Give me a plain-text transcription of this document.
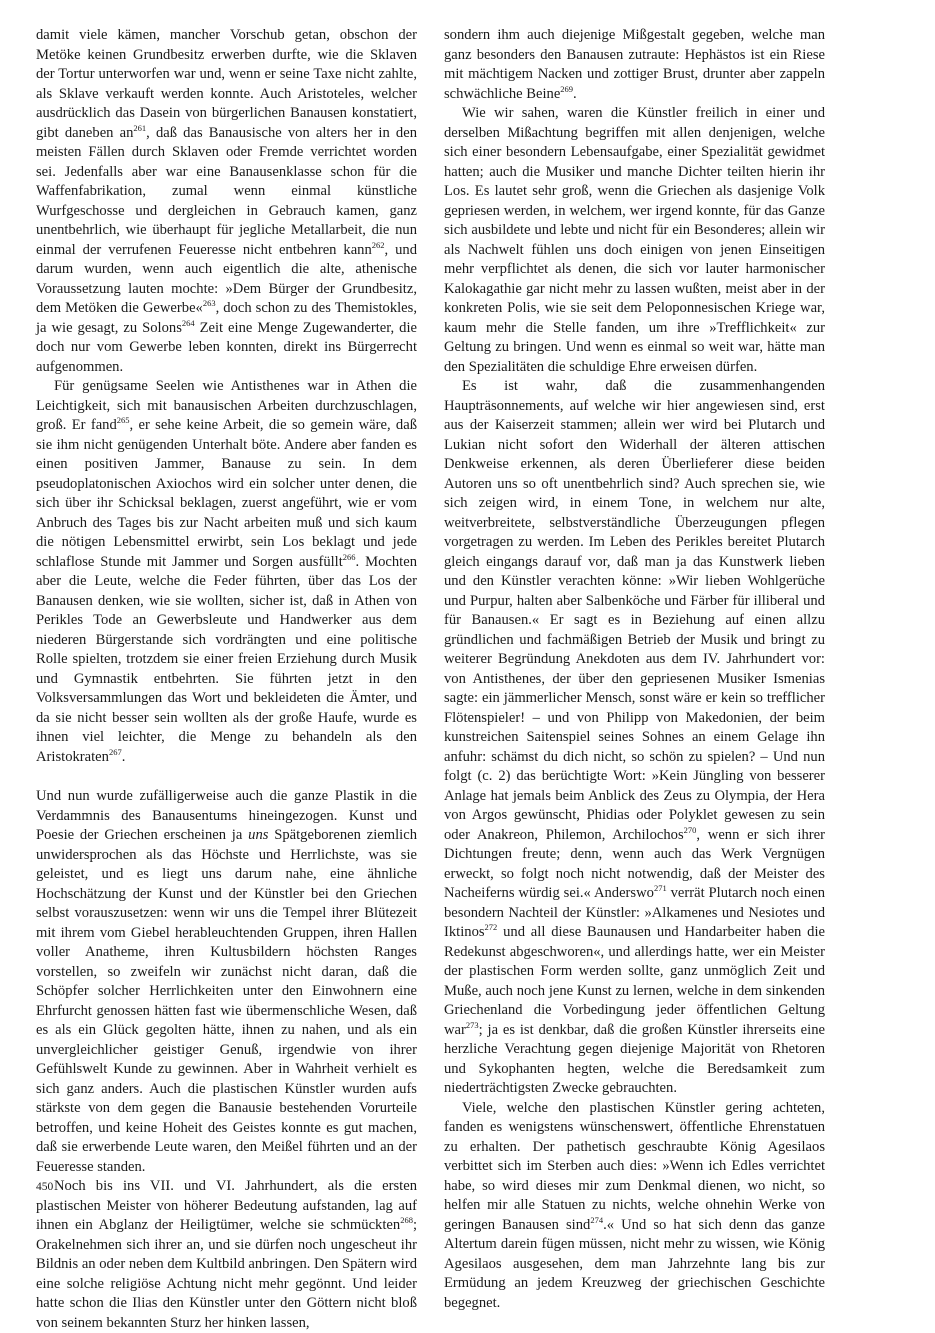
damit viele kämen, mancher Vorschub getan, obschon der Metöke keinen Grundbesitz erwerben durfte, wie die Sklaven der Tortur unterworfen war und, wenn er seine Taxe nicht zahlte, als Sklave verkauft werden konnte. Auch Aristoteles, welcher ausdrücklich das Dasein von bürgerlichen Banausen konstatiert, gibt daneben $an^{261}$, daß das Banausische von alters her in den meisten Fällen durch Sklaven oder Fremde verrichtet worden sei. Jedenfalls aber war eine Banausenklasse schon für die Waffenfabrikation, zumal wenn einmal künstliche Wurfgeschosse und dergleichen in Gebrauch kamen, ganz unentbehrlich, wie überhaupt für jegliche Metallarbeit, die nun einmal der verrufenen Feueresse nicht entbehren kann$^{262}$, und darum wurden, wenn auch eigentlich die alte, athenische Voraussetzung lauten mochte: »Dem Bürger der Grundbesitz, dem Metöken die Gewerbe«$^{263}$, doch schon zu des Themistokles, ja wie gesagt, zu Solons$^{264}$ Zeit eine Menge Zugewanderter, die doch nur vom Gewerbe leben konnten, direkt ins Bürgerrecht aufgenommen.

Für genügsame Seelen wie Antisthenes war in Athen die Leichtigkeit, sich mit banausischen Arbeiten durchzuschlagen, groß. Er fand$^{265}$, er sehe keine Arbeit, die so gemein wäre, daß sie ihm nicht genügenden Unterhalt böte. Andere aber fanden es einen positiven Jammer, Banause zu sein. In dem pseudoplatonischen Axiochos wird ein solcher unter denen, die sich über ihr Schicksal beklagen, zuerst angeführt, wie er vom Anbruch des Tages bis zur Nacht arbeiten muß und sich kaum die nötigen Lebensmittel erwirbt, sein Los beklagt und jede schlaflose Stunde mit Jammer und Sorgen ausfüllt$^{266}$. Mochten aber die Leute, welche die Feder führten, über das Los der Banausen denken, wie sie wollten, sicher ist, daß in Athen von Perikles Tode an Gewerbsleute und Handwerker aus dem niederen Bürgerstande sich vordrängten und eine politische Rolle spielten, trotzdem sie einer freien Erziehung durch Musik und Gymnastik entbehrten. Sie führten jetzt in den Volksversammlungen das Wort und bekleideten die Ämter, und da sie nicht besser sein wollten als der große Haufe, wurde es ihnen viel leichter, die Menge zu behandeln als den Aristokraten$^{267}$.

Und nun wurde zufälligerweise auch die ganze Plastik in die Verdammnis des Banausentums hineingezogen. Kunst und Poesie der Griechen erscheinen ja uns Spätgeborenen ziemlich unwidersprochen als das Höchste und Herrlichste, was sie geleistet, und es liegt uns darum nahe, eine ähnliche Hochschätzung der Kunst und der Künstler bei den Griechen selbst vorauszusetzen: wenn wir uns die Tempel ihrer Blütezeit mit ihrem vom Giebel herableuchtenden Gruppen, ihren Hallen voller Anatheme, ihren Kultusbildern höchsten Ranges vorstellen, so zweifeln wir zunächst nicht daran, daß die Schöpfer solcher Herrlichkeiten unter den Einwohnern eine Ehrfurcht genossen hätten fast wie übermenschliche Wesen, daß es als ein Glück gegolten hätte, ihnen zu nahen, und als ein unvergleichlicher geistiger Genuß, irgendwie von ihrer Gefühlswelt Kunde zu gewinnen. Aber in Wahrheit verhielt es sich ganz anders. Auch die plastischen Künstler wurden aufs stärkste von dem gegen die Banausie bestehenden Vorurteile betroffen, und keine Hoheit des Geistes konnte es gut machen, daß sie erwerbende Leute waren, den Meißel führten und an der Feueresse standen.

Noch bis ins VII. und VI. Jahrhundert, als die ersten plastischen Meister von höherer Bedeutung aufstanden, lag auf ihnen ein Abglanz der Heiligtümer, welche sie schmückten$^{268}$; Orakelnehmen sich ihrer an, und sie dürfen noch ungescheut ihr Bildnis an oder neben dem Kultbild anbringen. Den Spätern wird eine solche religiöse Achtung nicht mehr gegönnt. Und leider hatte schon die Ilias den Künstler unter den Göttern nicht bloß von seinem bekannten Sturz her hinken lassen,

sondern ihm auch diejenige Mißgestalt gegeben, welche man ganz besonders den Banausen zutraute: Hephästos ist ein Riese mit mächtigem Nacken und zottiger Brust, drunter aber zappeln schwächliche Beine$^{269}$.

Wie wir sahen, waren die Künstler freilich in einer und derselben Mißachtung begriffen mit allen denjenigen, welche sich einer besondern Lebensaufgabe, einer Spezialität gewidmet hatten; auch die Musiker und manche Dichter teilten hierin ihr Los. Es lautet sehr groß, wenn die Griechen als dasjenige Volk gepriesen werden, in welchem, wer irgend konnte, für das Ganze sich ausbildete und lebte und nicht für ein Besonderes; allein wir als Nachwelt fühlen uns doch einigen von jenen Einseitigen mehr verpflichtet als denen, die sich vor lauter harmonischer Kalokagathie gar nicht mehr zu lassen wußten, meist aber in der konkreten Polis, wie sie seit dem Peloponnesischen Kriege war, kaum mehr die Stelle fanden, um ihre »Trefflichkeit« zur Geltung zu bringen. Und wenn es einmal so weit war, hätte man den Spezialitäten die schuldige Ehre erweisen dürfen.

Es ist wahr, daß die zusammenhangenden Haupträsonnements, auf welche wir hier angewiesen sind, erst aus der Kaiserzeit stammen; allein wer wird bei Plutarch und Lukian nicht sofort den Widerhall der älteren attischen Denkweise erkennen, als deren Überlieferer diese beiden Autoren uns so oft unentbehrlich sind? Auch sprechen sie, wie sich zeigen wird, in einem Tone, in welchem nur alte, weitverbreitete, selbstverständliche Überzeugungen pflegen vorgetragen zu werden. Im Leben des Perikles bereitet Plutarch gleich eingangs darauf vor, daß man ja das Kunstwerk lieben und den Künstler verachten könne: »Wir lieben Wohlgerüche und Purpur, halten aber Salbenköche und Färber für illiberal und für Banausen.« Er sagt es in Beziehung auf einen allzu gründlichen und fachmäßigen Betrieb der Musik und bringt zu weiterer Begründung Anekdoten aus dem IV. Jahrhundert vor: von Antisthenes, der über den gepriesenen Musiker Ismenias sagte: ein jämmerlicher Mensch, sonst wäre er kein so trefflicher Flötenspieler! – und von Philipp von Makedonien, der beim kunstreichen Saitenspiel seines Sohnes an einem Gelage ihn anfuhr: schämst du dich nicht, so schön zu spielen? – Und nun folgt (c. 2) das berüchtigte Wort: »Kein Jüngling von besserer Anlage hat jemals beim Anblick des Zeus zu Olympia, der Hera von Argos gewünscht, Phidias oder Polyklet gewesen zu sein oder Anakreon, Philemon, Archilochos$^{270}$, wenn er sich ihrer Dichtungen freute; denn, wenn auch das Werk Vergnügen erweckt, so folgt noch nicht notwendig, daß der Meister des Nacheiferns würdig sei.« Anderswo$^{271}$ verrät Plutarch noch einen besondern Nachteil der Künstler: »Alkamenes und Nesiotes und Iktinos$^{272}$ und all diese Baunausen und Handarbeiter haben die Redekunst abgeschworen«, und allerdings hatte, wer ein Meister der plastischen Form werden sollte, ganz unmöglich Zeit und Muße, auch noch jene Kunst zu lernen, welche in dem sinkenden Griechenland die Vorbedingung jeder öffentlichen Geltung war$^{273}$; ja es ist denkbar, daß die großen Künstler ihrerseits eine herzliche Verachtung gegen diejenige Majorität von Rhetoren und Sykophanten hegten, welche die Beredsamkeit zum niederträchtigsten Zwecke gebrauchten.

Viele, welche den plastischen Künstler gering achteten, fanden es wenigstens wünschenswert, öffentliche Ehrenstatuen zu erhalten. Der pathetisch geschraubte König Agesilaos verbittet sich im Sterben auch dies: »Wenn ich Edles verrichtet habe, so wird dieses mir zum Denkmal dienen, wo nicht, so helfen mir alle Statuen zu nichts, welche ohnehin Werke von geringen Banausen sind$^{274}$.« Und so hat sich denn das ganze Altertum darein fügen müssen, nicht mehr zu wissen, wie König Agesilaos ausgesehen, dem man Jahrzehnte lang bis zur Ermüdung an jedem Kreuzweg der griechischen Geschichte begegnet.

450
